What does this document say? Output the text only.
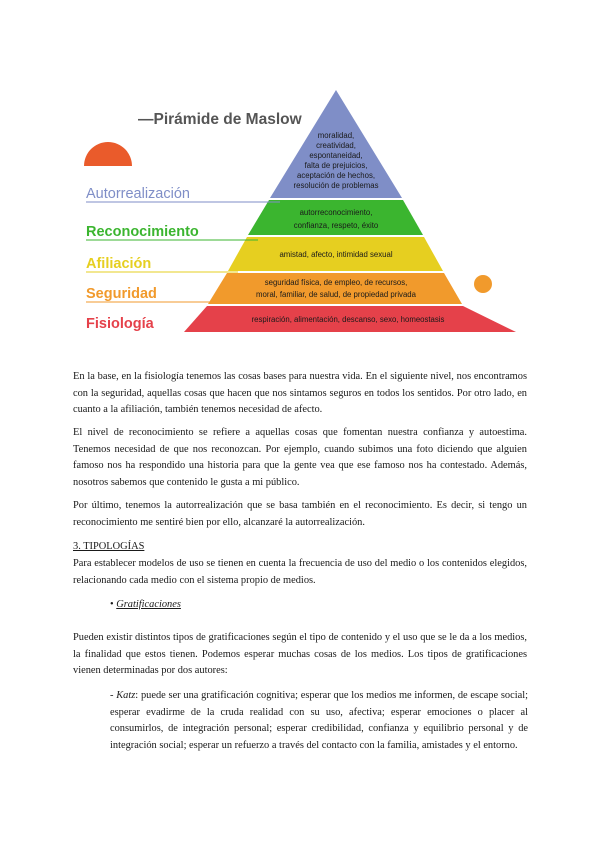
—Pirámide de Maslow
Autorrealización
Reconocimiento
Afiliación
Seguridad
Fisiología
moralidad,
creatividad,
espontaneidad,
falta de prejuicios,
aceptación de hechos,
resolución de problemas
autorreconocimiento,
confianza, respeto, éxito
amistad, afecto, intimidad sexual
seguridad física, de empleo, de recursos,
moral, familiar, de salud, de propiedad privada
respiración, alimentación, descanso, sexo, homeostasis

En la base, en la fisiología tenemos las cosas bases para nuestra vida. En el siguiente nivel, nos encontramos con la seguridad, aquellas cosas que hacen que nos sintamos seguros en todos los sentidos. Por otro lado, en cuanto a la afiliación, también tenemos necesidad de afecto.

El nivel de reconocimiento se refiere a aquellas cosas que fomentan nuestra confianza y autoestima. Tenemos necesidad de que nos reconozcan. Por ejemplo, cuando subimos una foto diciendo que alguien famoso nos ha respondido una historia para que la gente vea que ese famoso nos ha contestado. Además, nosotros sabemos que contenido le gusta a mi público.

Por último, tenemos la autorrealización que se basa también en el reconocimiento. Es decir, si tengo un reconocimiento me sentiré bien por ello, alcanzaré la autorrealización.

3. TIPOLOGÍAS

Para establecer modelos de uso se tienen en cuenta la frecuencia de uso del medio o los contenidos elegidos, relacionando cada medio con el sistema propio de medios.

• Gratificaciones

Pueden existir distintos tipos de gratificaciones según el tipo de contenido y el uso que se le da a los medios, la finalidad que estos tienen. Podemos esperar muchas cosas de los medios. Los tipos de gratificaciones vienen determinadas por dos autores:

- Katz: puede ser una gratificación cognitiva; esperar que los medios me informen, de escape social; esperar evadirme de la cruda realidad con su uso, afectiva; esperar emociones o placer al consumirlos, de integración personal; esperar credibilidad, confianza y equilibrio personal y de integración social; esperar un refuerzo a través del contacto con la familia, amistades y el entorno.
